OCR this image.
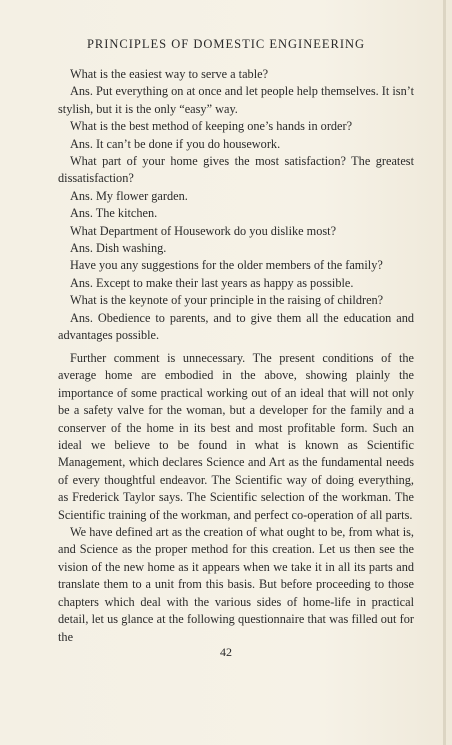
PRINCIPLES OF DOMESTIC ENGINEERING

What is the easiest way to serve a table?

Ans. Put everything on at once and let people help themselves. It isn’t stylish, but it is the only “easy” way.

What is the best method of keeping one’s hands in order?

Ans. It can’t be done if you do housework.

What part of your home gives the most satisfaction? The greatest dissatisfaction?

Ans. My flower garden.

Ans. The kitchen.

What Department of Housework do you dislike most?

Ans. Dish washing.

Have you any suggestions for the older members of the family?

Ans. Except to make their last years as happy as possible.

What is the keynote of your principle in the raising of children?

Ans. Obedience to parents, and to give them all the education and advantages possible.

Further comment is unnecessary. The present conditions of the average home are embodied in the above, showing plainly the importance of some practical working out of an ideal that will not only be a safety valve for the woman, but a developer for the family and a conserver of the home in its best and most profitable form. Such an ideal we believe to be found in what is known as Scientific Management, which declares Science and Art as the fundamental needs of every thoughtful endeavor. The Scientific way of doing everything, as Frederick Taylor says. The Scientific selection of the workman. The Scientific training of the workman, and perfect co-operation of all parts.

We have defined art as the creation of what ought to be, from what is, and Science as the proper method for this creation. Let us then see the vision of the new home as it appears when we take it in all its parts and translate them to a unit from this basis. But before proceeding to those chapters which deal with the various sides of home-life in practical detail, let us glance at the following questionnaire that was filled out for the

42
